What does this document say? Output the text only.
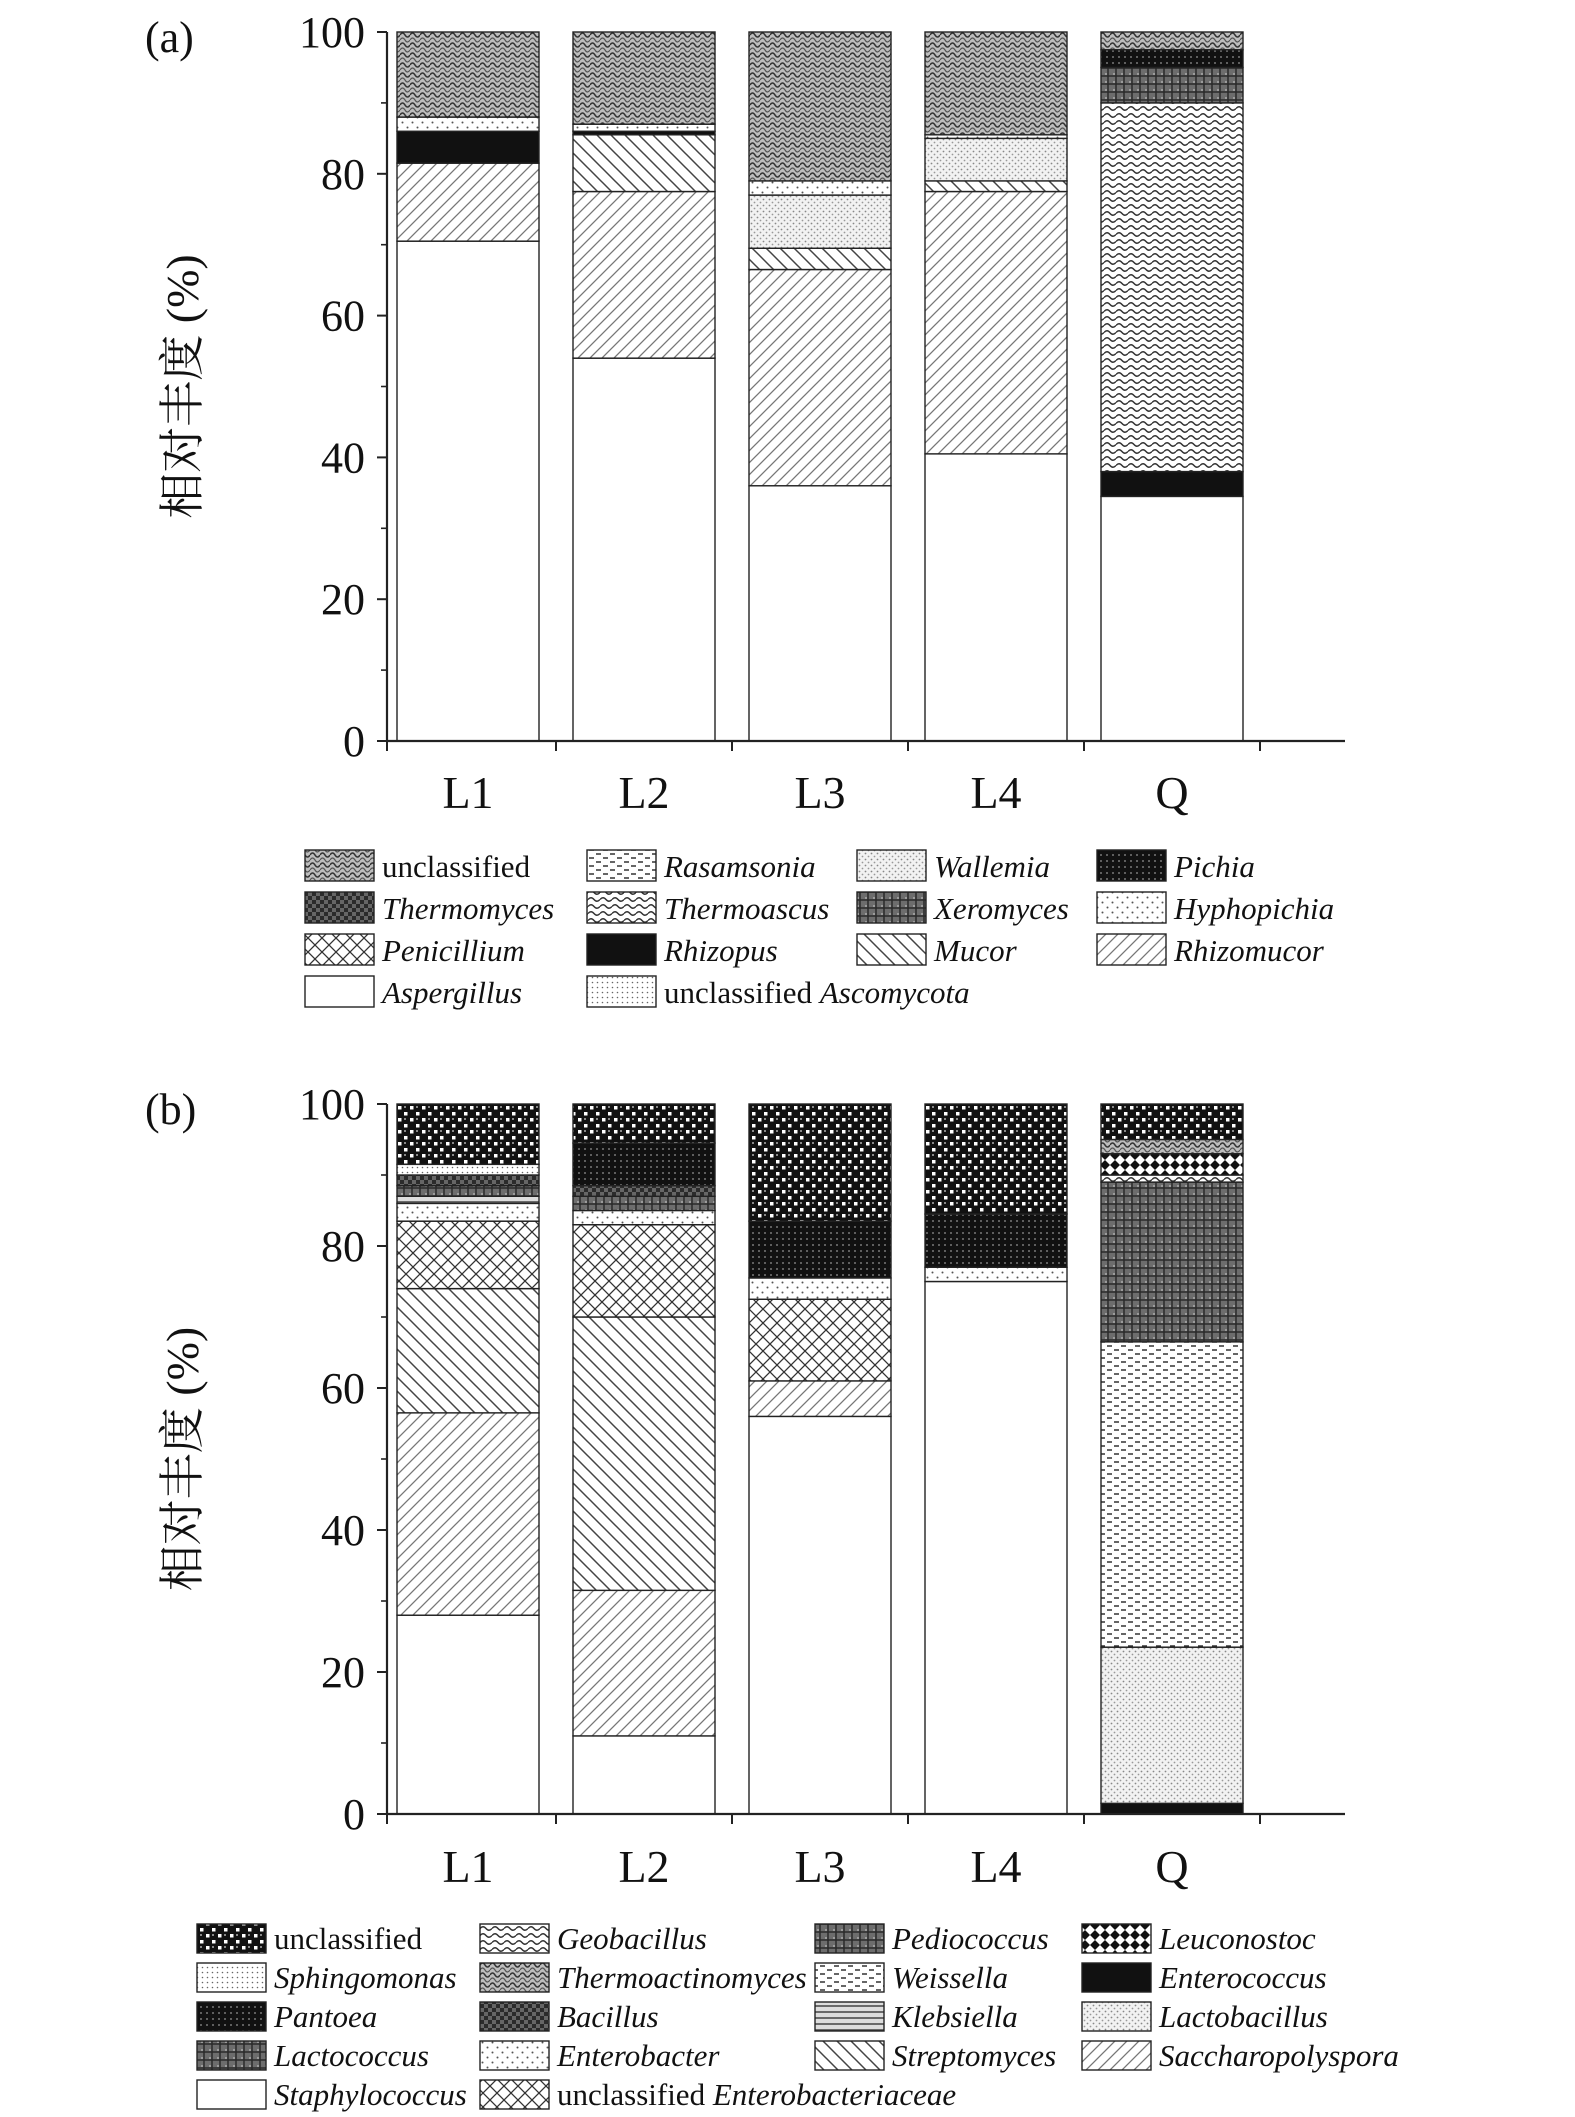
(a)
相对丰度 (%)
L1	L2	L3	L4	Q
0
20
40
60
80
100
unclassified	Rasamsonia	Wallemia	Pichia
Thermomyces	Thermoascus	Xeromyces	Hyphopichia
Penicillium	Rhizopus	Mucor	Rhizomucor
Aspergillus	unclassified Ascomycota
(b)
相对丰度 (%)
L1	L2	L3	L4	Q
0
20
40
60
80
100
unclassified	Geobacillus	Pediococcus	Leuconostoc
Sphingomonas	Thermoactinomyces	Weissella	Enterococcus
Pantoea	Bacillus	Klebsiella	Lactobacillus
Lactococcus	Enterobacter	Streptomyces	Saccharopolyspora
Staphylococcus	unclassified Enterobacteriaceae
